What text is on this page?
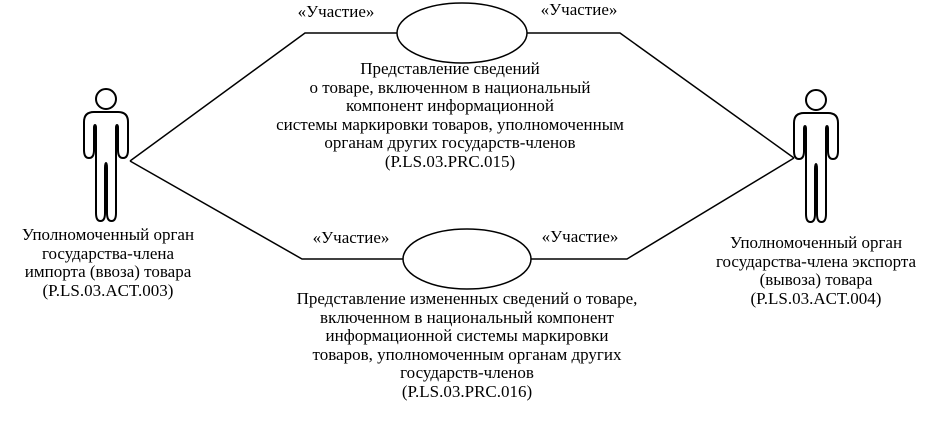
«Участие»	«Участие»
«Участие»	«Участие»
Представление сведений
о товаре, включенном в национальный
компонент информационной
системы маркировки товаров, уполномоченным
органам других государств-членов
(P.LS.03.PRC.015)
Представление измененных сведений о товаре,
включенном в национальный компонент
информационной системы маркировки
товаров, уполномоченным органам других
государств-членов
(P.LS.03.PRC.016)
Уполномоченный орган
государства-члена
импорта (ввоза) товара
(P.LS.03.ACT.003)
Уполномоченный орган
государства-члена экспорта
(вывоза) товара
(P.LS.03.ACT.004)
